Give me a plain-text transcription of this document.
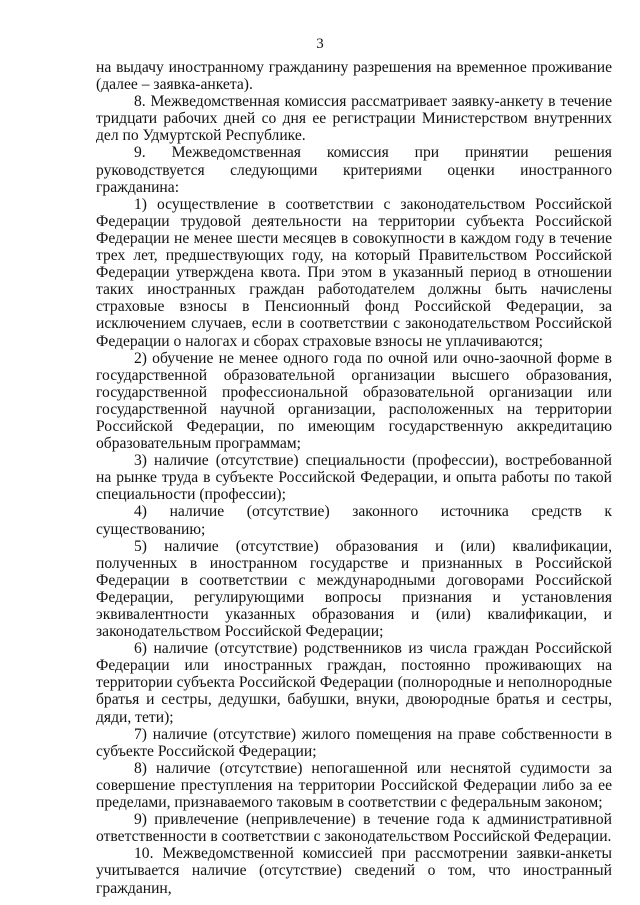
3

на выдачу иностранному гражданину разрешения на временное проживание (далее – заявка-анкета).

8. Межведомственная комиссия рассматривает заявку-анкету в течение тридцати рабочих дней со дня ее регистрации Министерством внутренних дел по Удмуртской Республике.

9. Межведомственная комиссия при принятии решения руководствуется следующими критериями оценки иностранного гражданина:

1) осуществление в соответствии с законодательством Российской Федерации трудовой деятельности на территории субъекта Российской Федерации не менее шести месяцев в совокупности в каждом году в течение трех лет, предшествующих году, на который Правительством Российской Федерации утверждена квота. При этом в указанный период в отношении таких иностранных граждан работодателем должны быть начислены страховые взносы в Пенсионный фонд Российской Федерации, за исключением случаев, если в соответствии с законодательством Российской Федерации о налогах и сборах страховые взносы не уплачиваются;

2) обучение не менее одного года по очной или очно-заочной форме в государственной образовательной организации высшего образования, государственной профессиональной образовательной организации или государственной научной организации, расположенных на территории Российской Федерации, по имеющим государственную аккредитацию образовательным программам;

3) наличие (отсутствие) специальности (профессии), востребованной на рынке труда в субъекте Российской Федерации, и опыта работы по такой специальности (профессии);

4) наличие (отсутствие) законного источника средств к существованию;

5) наличие (отсутствие) образования и (или) квалификации, полученных в иностранном государстве и признанных в Российской Федерации в соответствии с международными договорами Российской Федерации, регулирующими вопросы признания и установления эквивалентности указанных образования и (или) квалификации, и законодательством Российской Федерации;

6) наличие (отсутствие) родственников из числа граждан Российской Федерации или иностранных граждан, постоянно проживающих на территории субъекта Российской Федерации (полнородные и неполнородные братья и сестры, дедушки, бабушки, внуки, двоюродные братья и сестры, дяди, тети);

7) наличие (отсутствие) жилого помещения на праве собственности в субъекте Российской Федерации;

8) наличие (отсутствие) непогашенной или неснятой судимости за совершение преступления на территории Российской Федерации либо за ее пределами, признаваемого таковым в соответствии с федеральным законом;

9) привлечение (непривлечение) в течение года к административной ответственности в соответствии с законодательством Российской Федерации.

10. Межведомственной комиссией при рассмотрении заявки-анкеты учитывается наличие (отсутствие) сведений о том, что иностранный гражданин,
